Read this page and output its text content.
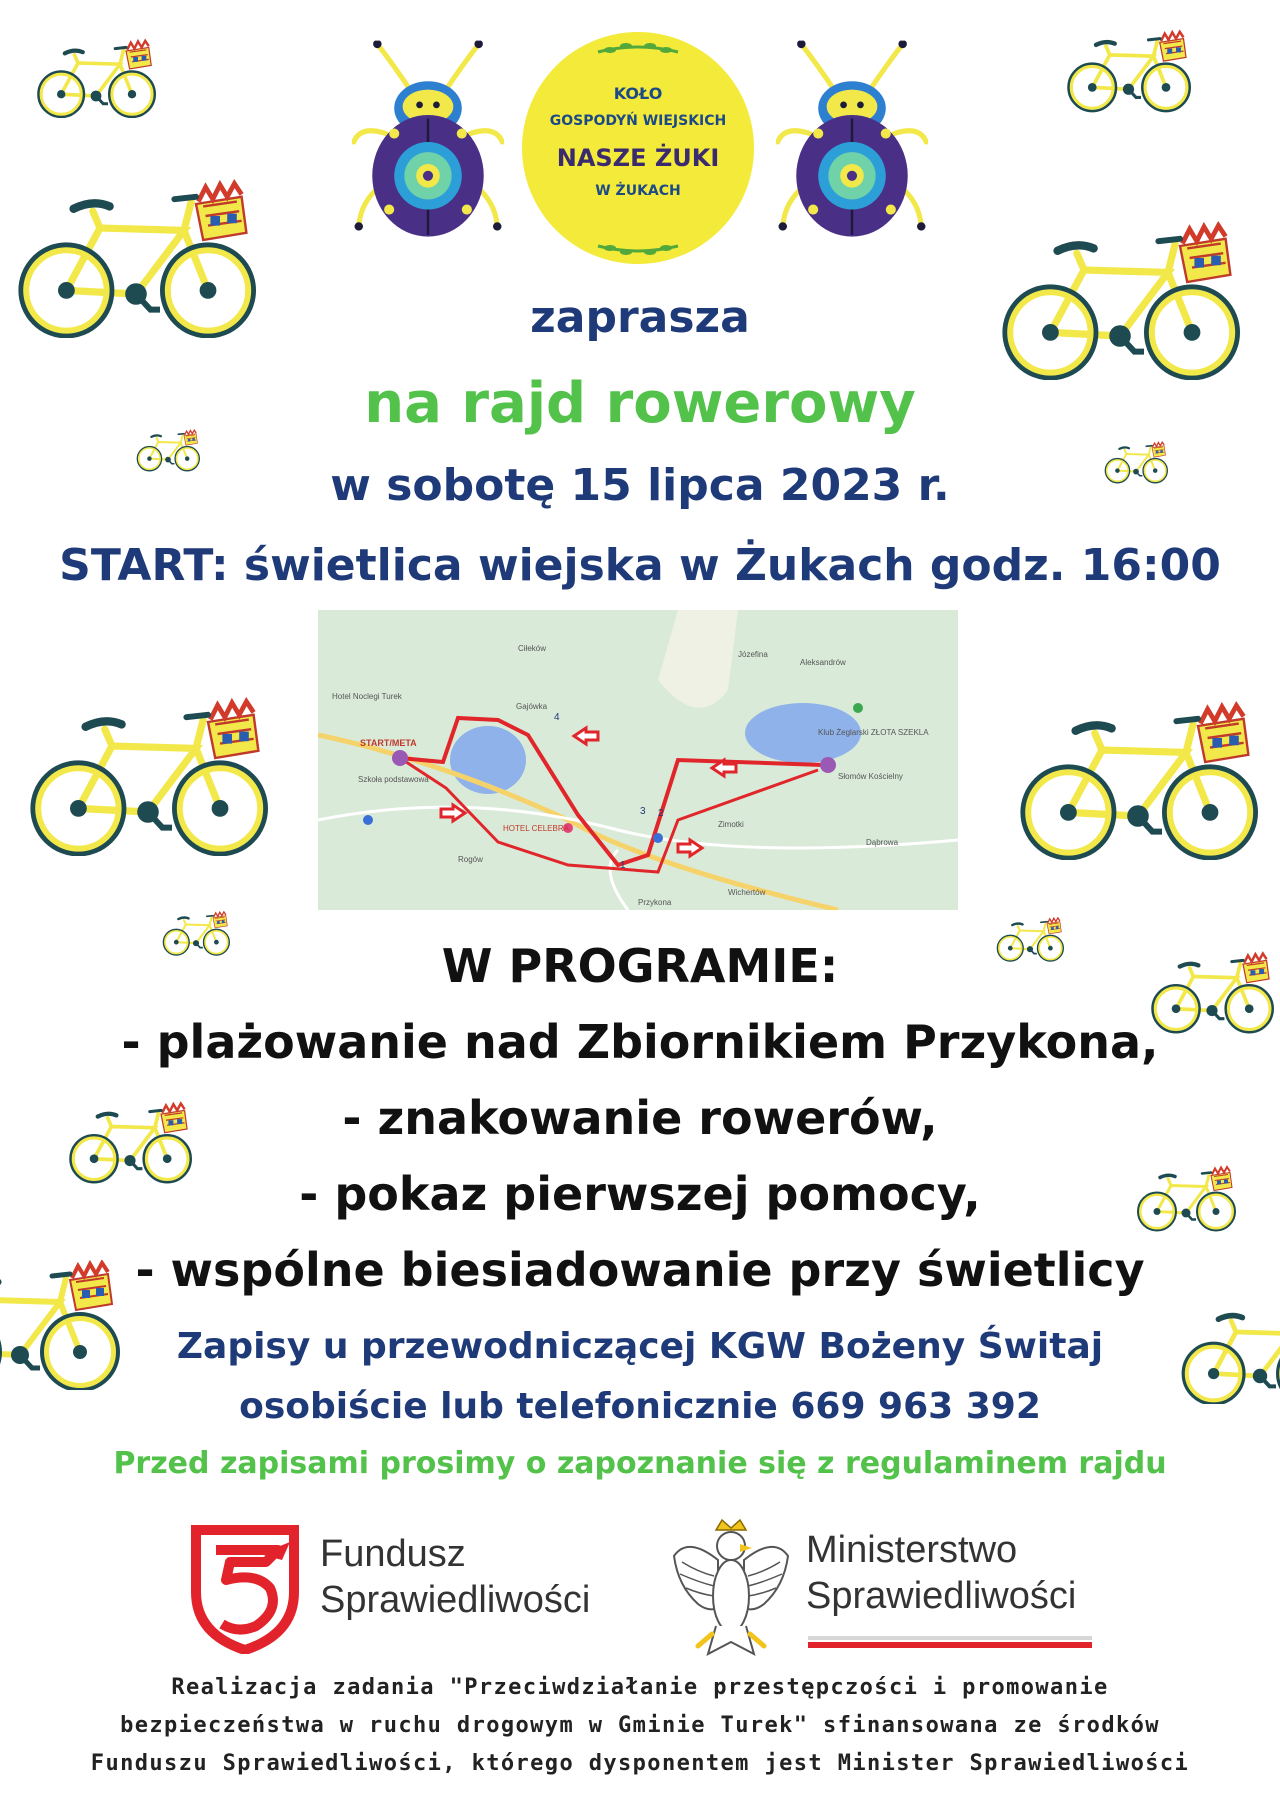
KOŁO
GOSPODYŃ WIEJSKICH
NASZE ŻUKI
W ŻUKACH
zaprasza
na rajd rowerowy
w sobotę 15 lipca 2023 r.
START: świetlica wiejska w Żukach godz. 16:00
START/META
Ciłeków
Józefina
Aleksandrów
Gajówka
Przykona
Rogów
Zimotki
Słomów Kościelny
Dąbrowa
Wichertów
Klub Żeglarski ZŁOTA SZEKLA
Hotel Noclegi Turek
HOTEL CELEBRA
Szkoła podstawowa
1
2
3
4
W PROGRAMIE:
- plażowanie nad Zbiornikiem Przykona,
- znakowanie rowerów,
- pokaz pierwszej pomocy,
- wspólne biesiadowanie przy świetlicy
Zapisy u przewodniczącej KGW Bożeny Świtaj
osobiście lub telefonicznie 669 963 392
Przed zapisami prosimy o zapoznanie się z regulaminem rajdu
Fundusz
Sprawiedliwości
Ministerstwo
Sprawiedliwości
Realizacja zadania "Przeciwdziałanie przestępczości i promowanie
bezpieczeństwa w ruchu drogowym w Gminie Turek" sfinansowana ze środków
Funduszu Sprawiedliwości, którego dysponentem jest Minister Sprawiedliwości
